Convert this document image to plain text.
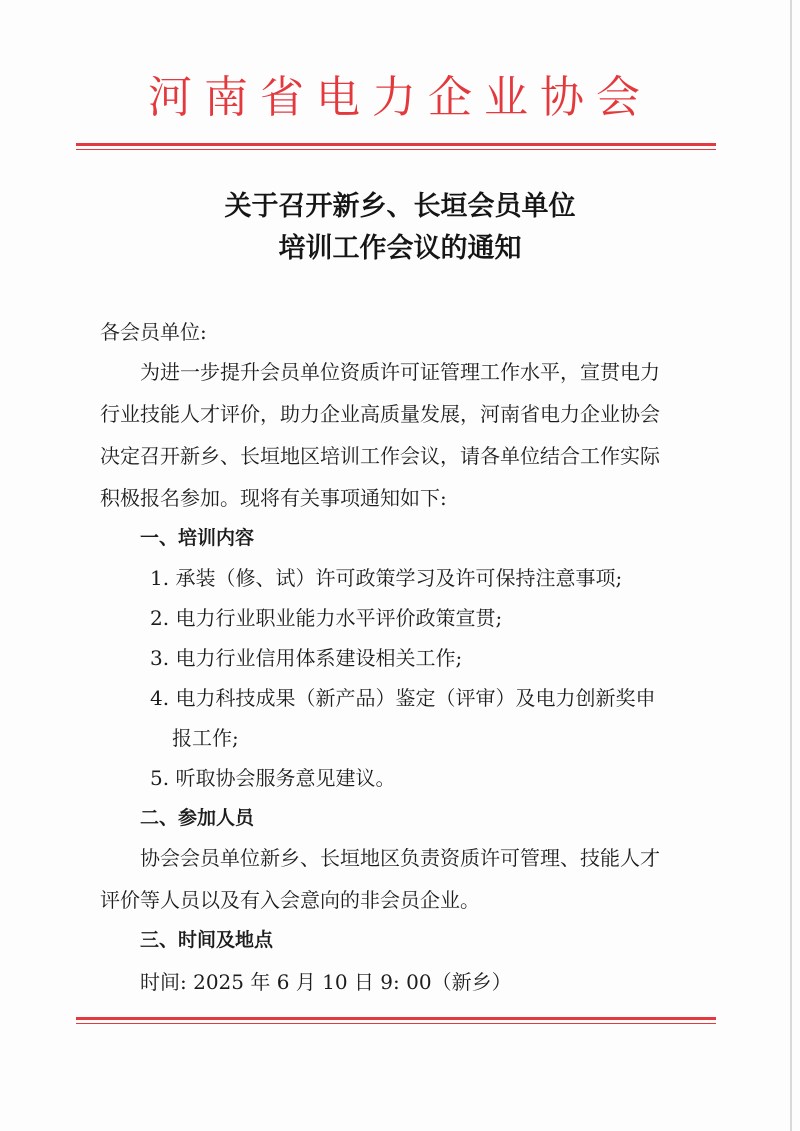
河南省电力企业协会
关于召开新乡、长垣会员单位
培训工作会议的通知
各会员单位:
为进一步提升会员单位资质许可证管理工作水平，宣贯电力
行业技能人才评价，助力企业高质量发展，河南省电力企业协会
决定召开新乡、长垣地区培训工作会议，请各单位结合工作实际
积极报名参加。现将有关事项通知如下:
一、培训内容
1. 承装（修、试）许可政策学习及许可保持注意事项;
2. 电力行业职业能力水平评价政策宣贯;
3. 电力行业信用体系建设相关工作;
4. 电力科技成果（新产品）鉴定（评审）及电力创新奖申
报工作;
5. 听取协会服务意见建议。
二、参加人员
协会会员单位新乡、长垣地区负责资质许可管理、技能人才
评价等人员以及有入会意向的非会员企业。
三、时间及地点
时间: 2025 年 6 月 10 日 9: 00（新乡）
